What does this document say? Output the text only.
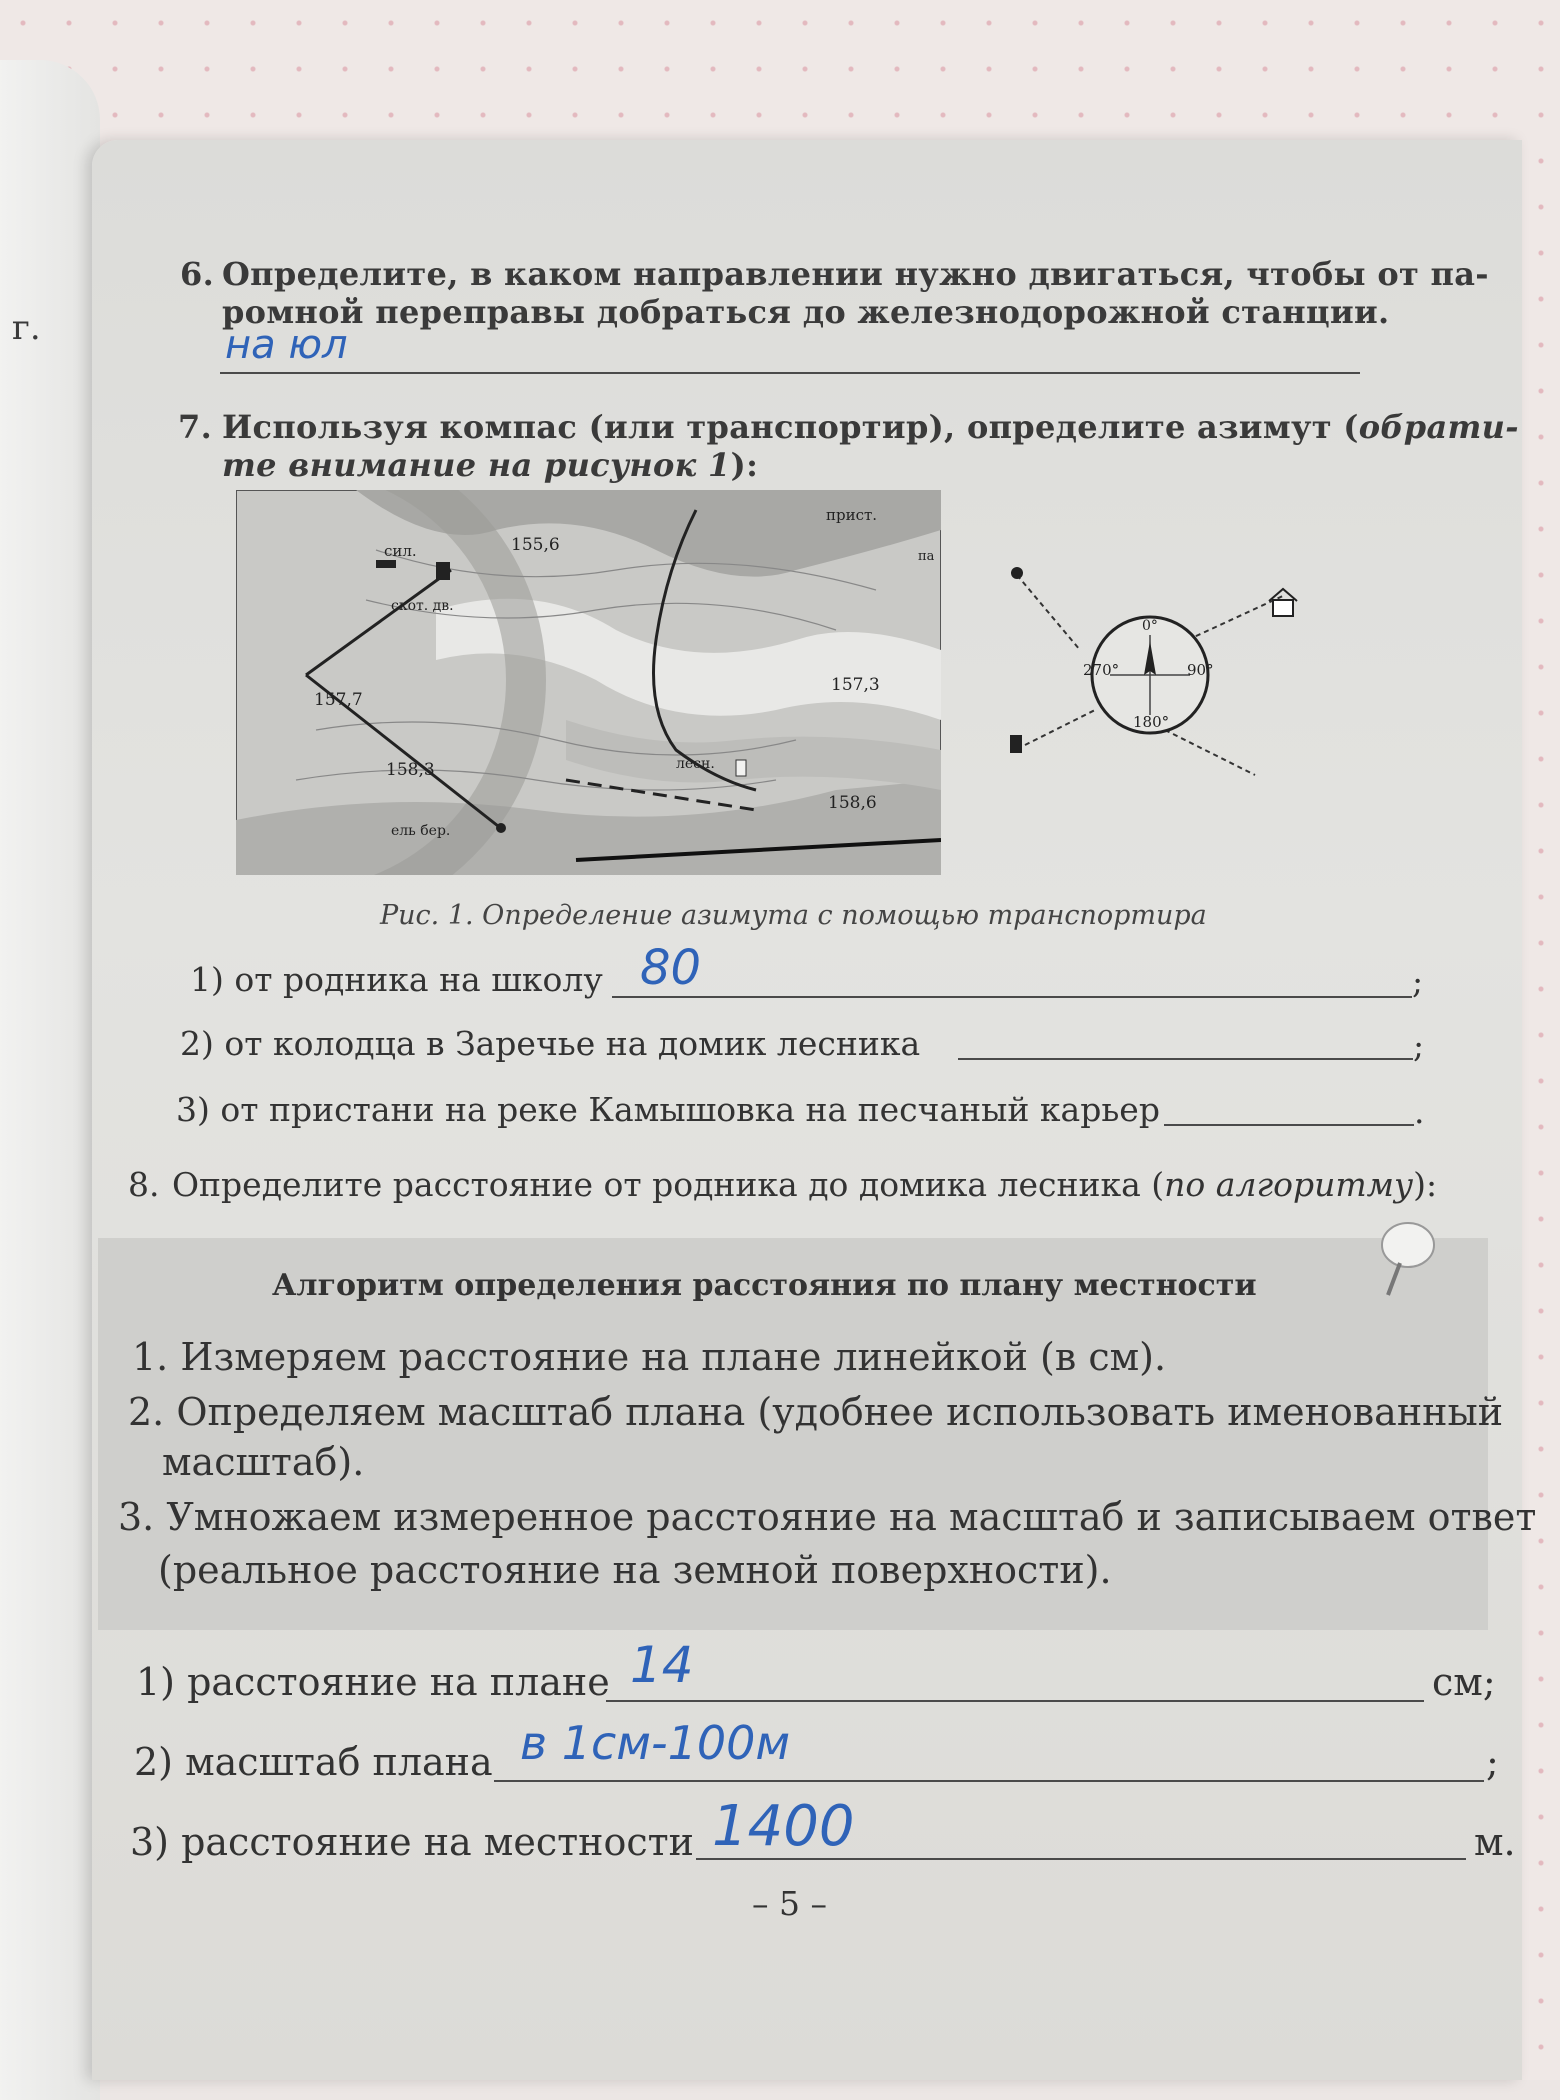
г.
6. Определите, в каком направлении нужно двигаться, чтобы от па-
ромной переправы добраться до железнодорожной станции.
на юл
7. Используя компас (или транспортир), определите азимут (обрати-
те внимание на рисунок 1):
сил.
прист.
па
155,6
скот. дв.
157,3
157,7
158,3	лесн.
158,6
ель бер.
0°
90°
180°
270°
Рис. 1. Определение азимута с помощью транспортира
1) от родника на школу 80	;
2) от колодца в Заречье на домик лесника	;
3) от пристани на реке Камышовка на песчаный карьер	.
8. Определите расстояние от родника до домика лесника (по алгоритму):
Алгоритм определения расстояния по плану местности
1. Измеряем расстояние на плане линейкой (в см).
2. Определяем масштаб плана (удобнее использовать именованный
масштаб).
3. Умножаем измеренное расстояние на масштаб и записываем ответ
(реальное расстояние на земной поверхности).
1) расстояние на плане 14	см;
2) масштаб плана в 1см-100м	;
3) расстояние на местности 1400	м.
– 5 –
